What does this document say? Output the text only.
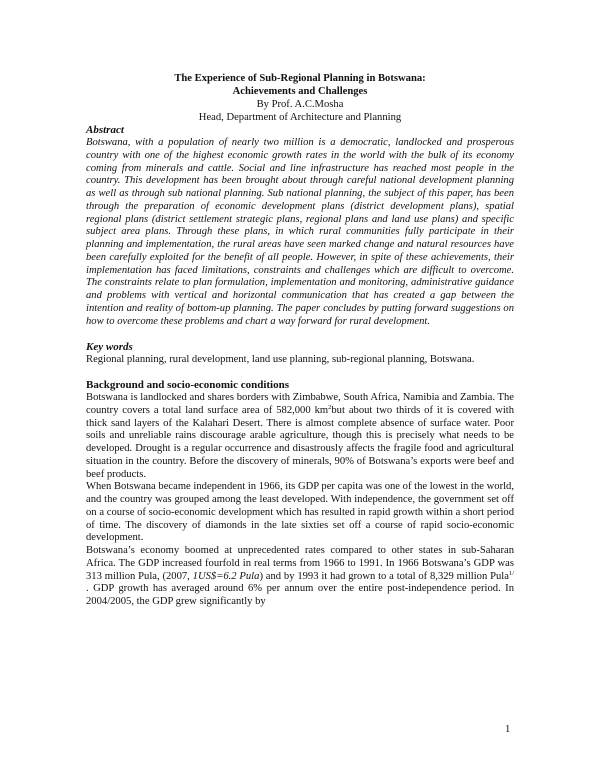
The Experience of Sub-Regional Planning in Botswana:
Achievements and Challenges
By Prof. A.C.Mosha
Head, Department of Architecture and Planning
Abstract

Botswana, with a population of nearly two million is a democratic, landlocked and prosperous country with one of the highest economic growth rates in the world with the bulk of its economy coming from minerals and cattle. Social and line infrastructure has reached most people in the country. This development has been brought about through careful national development planning as well as through sub national planning. Sub national planning, the subject of this paper, has been through the preparation of economic development plans (district development plans), spatial regional plans (district settlement strategic plans, regional plans and land use plans) and specific subject area plans. Through these plans, in which rural communities fully participate in their planning and implementation, the rural areas have seen marked change and natural resources have been carefully exploited for the benefit of all people. However, in spite of these achievements, their implementation has faced limitations, constraints and challenges which are difficult to overcome. The constraints relate to plan formulation, implementation and monitoring, administrative guidance and problems with vertical and horizontal communication that has created a gap between the intention and reality of bottom-up planning. The paper concludes by putting forward suggestions on how to overcome these problems and chart a way forward for rural development.

Key words

Regional planning, rural development, land use planning, sub-regional planning, Botswana.

Background and socio-economic conditions

Botswana is landlocked and shares borders with Zimbabwe, South Africa, Namibia and Zambia. The country covers a total land surface area of 582,000 $km^2but$ about two thirds of it is covered with thick sand layers of the Kalahari Desert. There is almost complete absence of surface water. Poor soils and unreliable rains discourage arable agriculture, though this is precisely what needs to be developed. Drought is a regular occurrence and disastrously affects the fragile food and agricultural situation in the country. Before the discovery of minerals, 90% of Botswana’s exports were beef and beef products.

When Botswana became independent in 1966, its GDP per capita was one of the lowest in the world, and the country was grouped among the least developed. With independence, the government set off on a course of socio-economic development which has resulted in rapid growth within a short period of time. The discovery of diamonds in the late sixties set off a course of rapid socio-economic development.

Botswana’s economy boomed at unprecedented rates compared to other states in sub-Saharan Africa. The GDP increased fourfold in real terms from 1966 to 1991. In 1966 Botswana’s GDP was 313 million Pula, (2007, 1US$=6.2 Pula) and by 1993 it had grown to a total of 8,329 million Pula$^{1/}$ . GDP growth has averaged around 6% per annum over the entire post-independence period. In 2004/2005, the GDP grew significantly by

1
